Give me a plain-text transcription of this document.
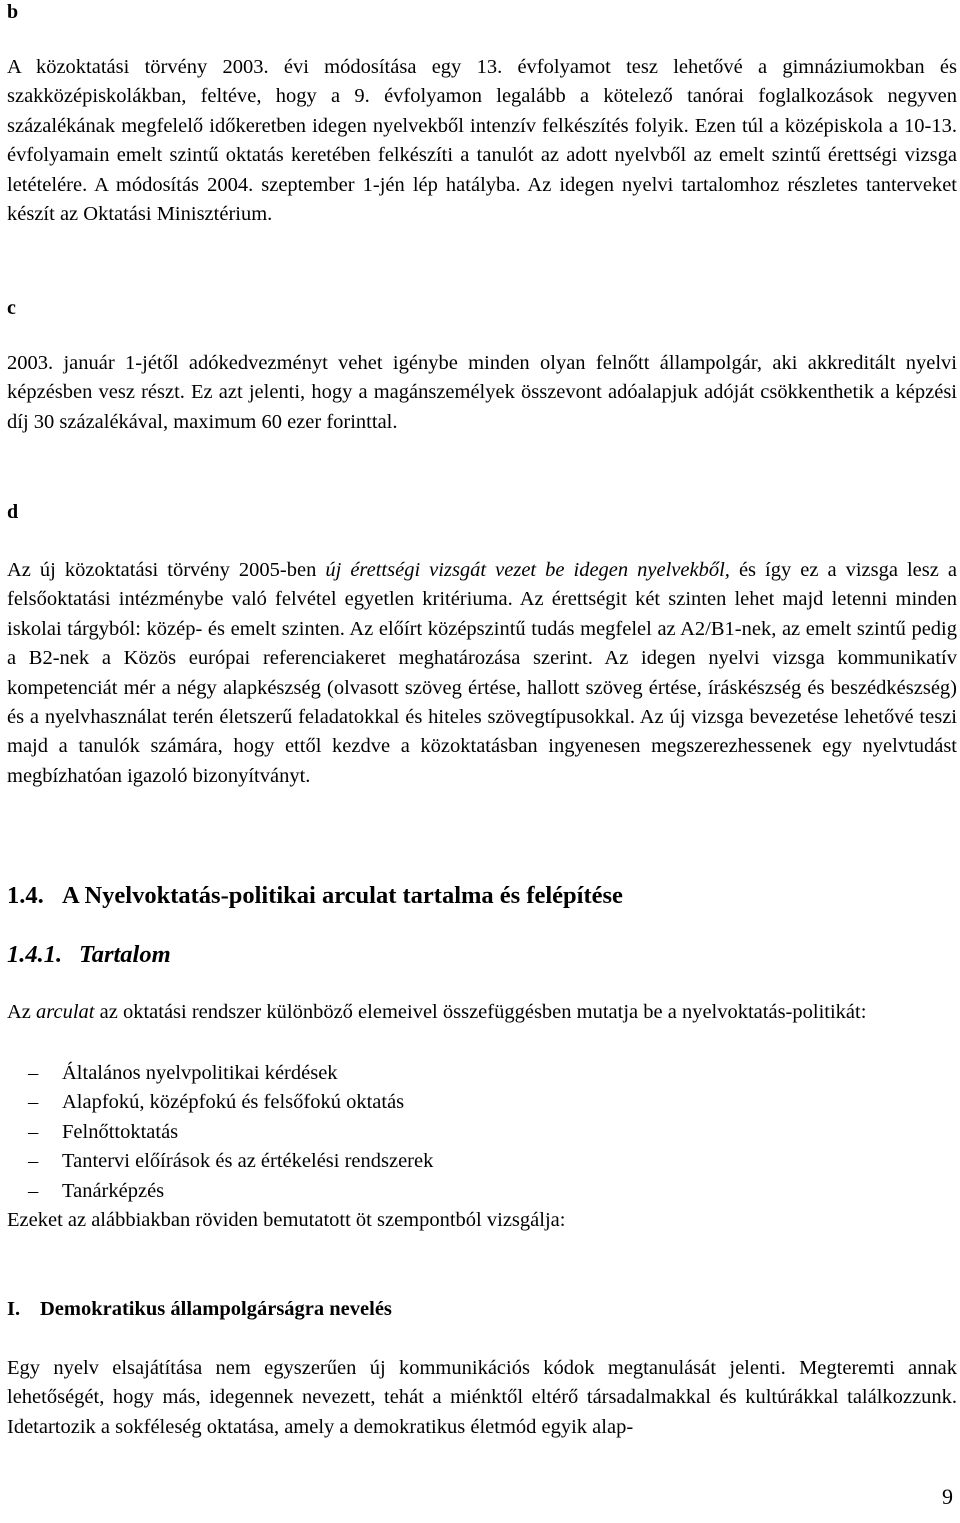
b

A közoktatási törvény 2003. évi módosítása egy 13. évfolyamot tesz lehetővé a gimnáziumokban és szakközépiskolákban, feltéve, hogy a 9. évfolyamon legalább a kötelező tanórai foglalkozások negyven százalékának megfelelő időkeretben idegen nyelvekből intenzív felkészítés folyik. Ezen túl a középiskola a 10-13. évfolyamain emelt szintű oktatás keretében felkészíti a tanulót az adott nyelvből az emelt szintű érettségi vizsga letételére. A módosítás 2004. szeptember 1-jén lép hatályba. Az idegen nyelvi tartalomhoz részletes tanterveket készít az Oktatási Minisztérium.

c

2003. január 1-jétől adókedvezményt vehet igénybe minden olyan felnőtt állampolgár, aki akkreditált nyelvi képzésben vesz részt. Ez azt jelenti, hogy a magánszemélyek összevont adóalapjuk adóját csökkenthetik a képzési díj 30 százalékával, maximum 60 ezer forinttal.

d

Az új közoktatási törvény 2005-ben új érettségi vizsgát vezet be idegen nyelvekből, és így ez a vizsga lesz a felsőoktatási intézménybe való felvétel egyetlen kritériuma. Az érettségit két szinten lehet majd letenni minden iskolai tárgyból: közép- és emelt szinten. Az előírt középszintű tudás megfelel az A2/B1-nek, az emelt szintű pedig a B2-nek a Közös európai referenciakeret meghatározása szerint. Az idegen nyelvi vizsga kommunikatív kompetenciát mér a négy alapkészség (olvasott szöveg értése, hallott szöveg értése, íráskészség és beszédkészség) és a nyelvhasználat terén életszerű feladatokkal és hiteles szövegtípusokkal. Az új vizsga bevezetése lehetővé teszi majd a tanulók számára, hogy ettől kezdve a közoktatásban ingyenesen megszerezhessenek egy nyelvtudást megbízhatóan igazoló bizonyítványt.

1.4. A Nyelvoktatás-politikai arculat tartalma és felépítése
1.4.1. Tartalom

Az arculat az oktatási rendszer különböző elemeivel összefüggésben mutatja be a nyelvoktatás-politikát:

– Általános nyelvpolitikai kérdések
– Alapfokú, középfokú és felsőfokú oktatás
– Felnőttoktatás
– Tantervi előírások és az értékelési rendszerek
– Tanárképzés

Ezeket az alábbiakban röviden bemutatott öt szempontból vizsgálja:

I. Demokratikus állampolgárságra nevelés

Egy nyelv elsajátítása nem egyszerűen új kommunikációs kódok megtanulását jelenti. Megteremti annak lehetőségét, hogy más, idegennek nevezett, tehát a miénktől eltérő társadalmakkal és kultúrákkal találkozzunk. Idetartozik a sokféleség oktatása, amely a demokratikus életmód egyik alap-

9
